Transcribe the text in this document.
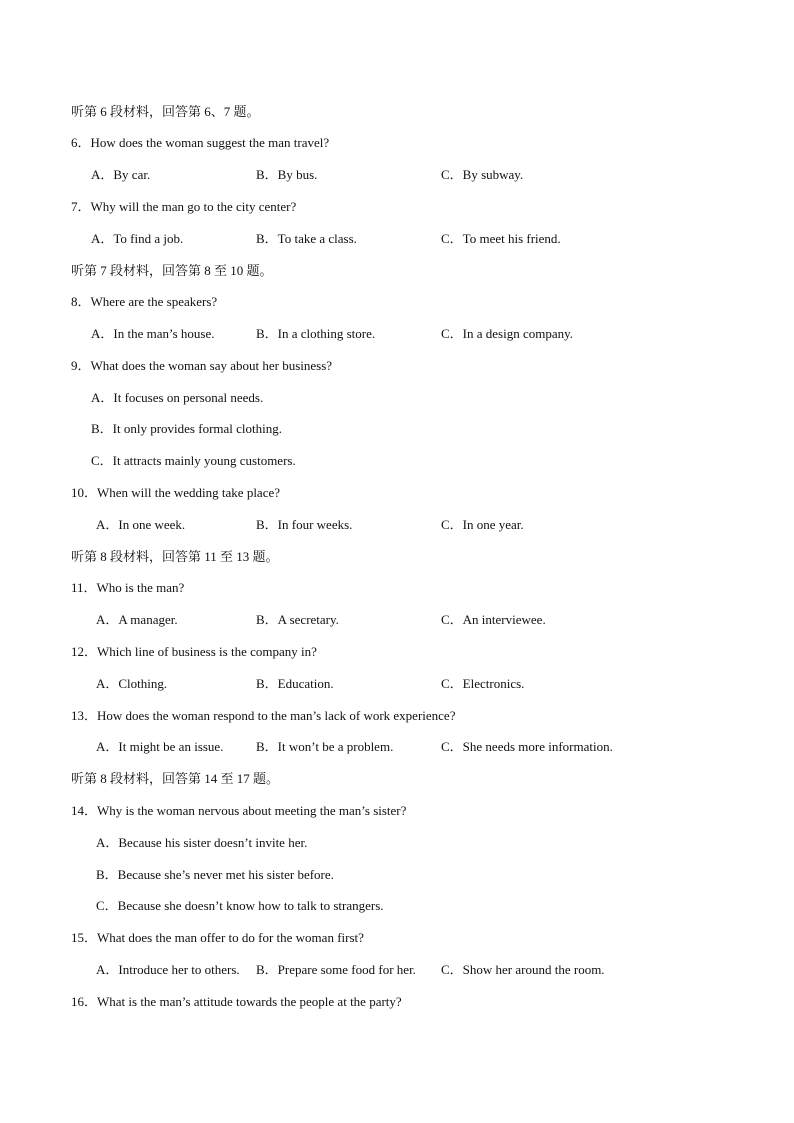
听第 6 段材料，回答第 6、7 题。
6．How does the woman suggest the man travel?
A．By car.	B．By bus.	C．By subway.
7．Why will the man go to the city center?
A．To find a job.	B．To take a class.	C．To meet his friend.
听第 7 段材料，回答第 8 至 10 题。
8．Where are the speakers?
A．In the man’s house.	B．In a clothing store.	C．In a design company.
9．What does the woman say about her business?
A．It focuses on personal needs.
B．It only provides formal clothing.
C．It attracts mainly young customers.
10．When will the wedding take place?
A．In one week.	B．In four weeks.	C．In one year.
听第 8 段材料，回答第 11 至 13 题。
11．Who is the man?
A．A manager.	B．A secretary.	C．An interviewee.
12．Which line of business is the company in?
A．Clothing.	B．Education.	C．Electronics.
13．How does the woman respond to the man’s lack of work experience?
A．It might be an issue.	B．It won’t be a problem.	C．She needs more information.
听第 8 段材料，回答第 14 至 17 题。
14．Why is the woman nervous about meeting the man’s sister?
A．Because his sister doesn’t invite her.
B．Because she’s never met his sister before.
C．Because she doesn’t know how to talk to strangers.
15．What does the man offer to do for the woman first?
A．Introduce her to others. B．Prepare some food for her. C．Show her around the room.
16．What is the man’s attitude towards the people at the party?
